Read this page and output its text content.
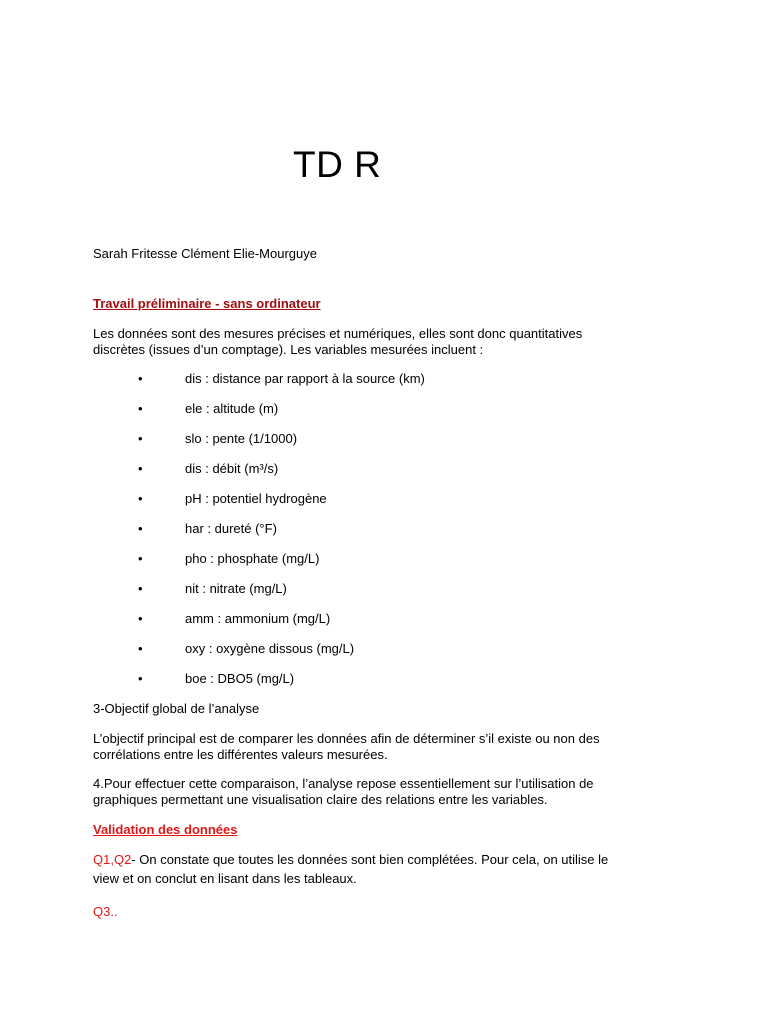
TD R

Sarah Fritesse Clément Elie-Mourguye

Travail préliminaire - sans ordinateur

Les données sont des mesures précises et numériques, elles sont donc quantitatives

discrètes (issues d’un comptage). Les variables mesurées incluent :

•	dis : distance par rapport à la source (km)
•	ele : altitude (m)
•	slo : pente (1/1000)
•	dis : débit (m³/s)
•	pH : potentiel hydrogène
•	har : dureté (°F)
•	pho : phosphate (mg/L)
•	nit : nitrate (mg/L)
•	amm : ammonium (mg/L)
•	oxy : oxygène dissous (mg/L)
•	boe : DBO5 (mg/L)

3-Objectif global de l’analyse

L’objectif principal est de comparer les données afin de déterminer s’il existe ou non des

corrélations entre les différentes valeurs mesurées.

4.Pour effectuer cette comparaison, l’analyse repose essentiellement sur l’utilisation de

graphiques permettant une visualisation claire des relations entre les variables.

Validation des données

Q1,Q2- On constate que toutes les données sont bien complétées. Pour cela, on utilise le

view et on conclut en lisant dans les tableaux.

Q3..
